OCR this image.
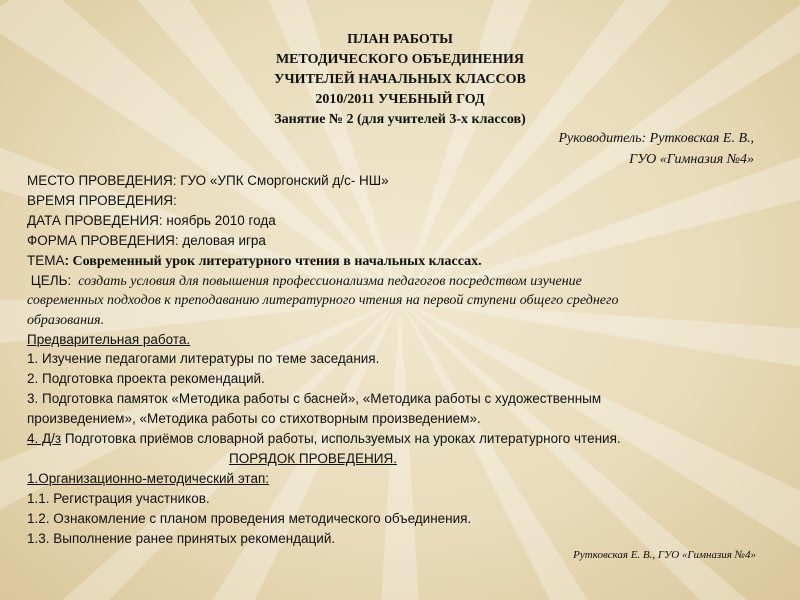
ПЛАН РАБОТЫ
МЕТОДИЧЕСКОГО ОБЪЕДИНЕНИЯ
УЧИТЕЛЕЙ НАЧАЛЬНЫХ КЛАССОВ
2010/2011 УЧЕБНЫЙ ГОД
Занятие № 2 (для учителей 3-х классов)
Руководитель: Рутковская Е. В.,
ГУО «Гимназия №4»
МЕСТО ПРОВЕДЕНИЯ: ГУО «УПК Сморгонский д/с- НШ»
ВРЕМЯ ПРОВЕДЕНИЯ:
ДАТА ПРОВЕДЕНИЯ: ноябрь 2010 года
ФОРМА ПРОВЕДЕНИЯ: деловая игра
ТЕМА: Современный урок литературного чтения в начальных классах.
ЦЕЛЬ:  создать условия для повышения профессионализма педагогов посредством изучение
современных подходов к преподаванию литературного чтения на первой ступени общего среднего
образования.
Предварительная работа.
1. Изучение педагогами литературы по теме заседания.
2. Подготовка проекта рекомендаций.
3. Подготовка памяток «Методика работы с басней», «Методика работы с художественным
произведением», «Методика работы со стихотворным произведением».
4. Д/з Подготовка приёмов словарной работы, используемых на уроках литературного чтения.
ПОРЯДОК ПРОВЕДЕНИЯ.
1.Организационно-методический этап:
1.1. Регистрация участников.
1.2. Ознакомление с планом проведения методического объединения.
1.3. Выполнение ранее принятых рекомендаций.
Рутковская Е. В., ГУО «Гимназия №4»
